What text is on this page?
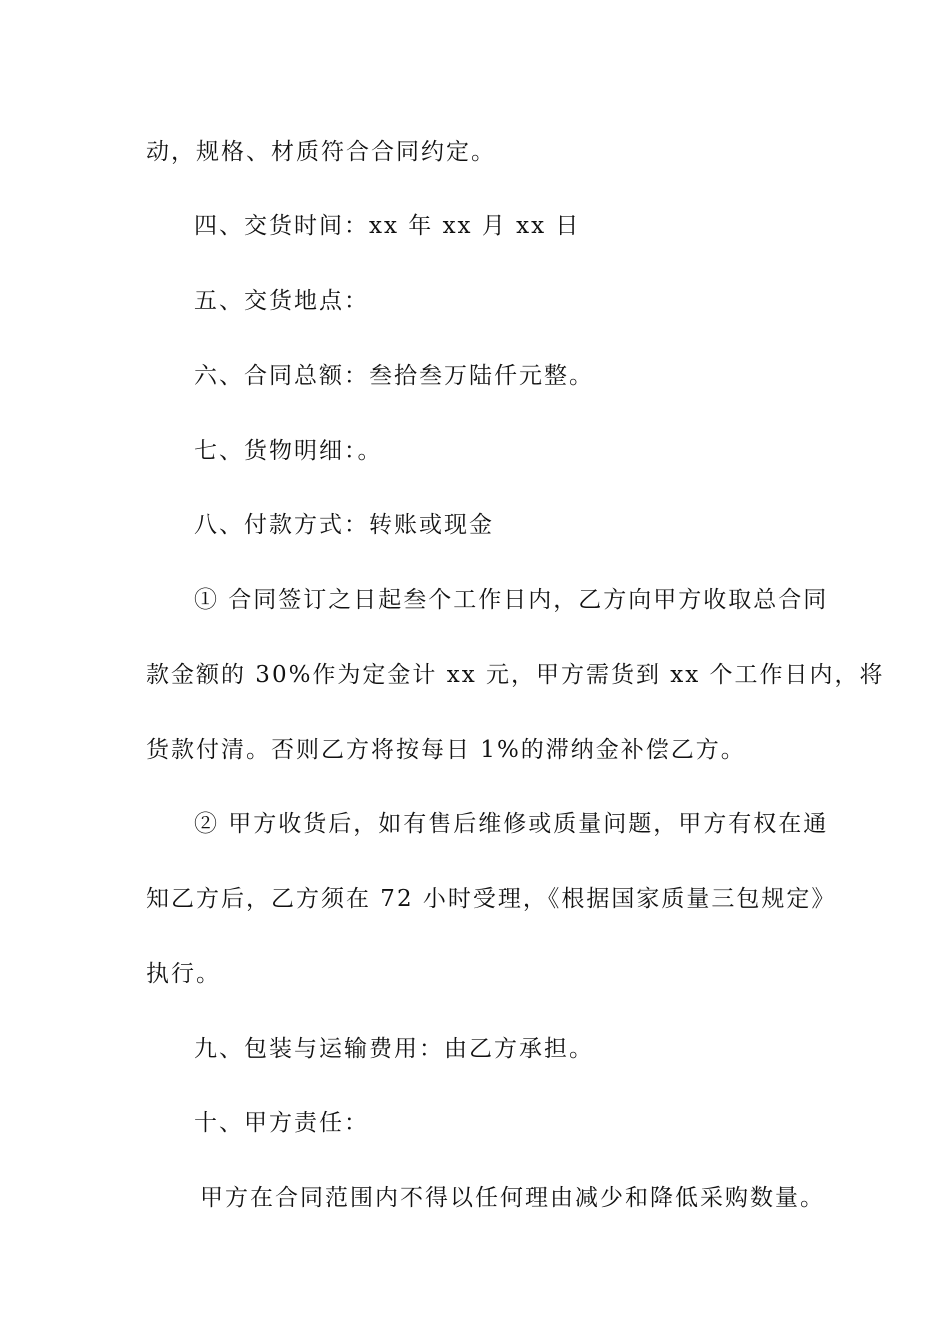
动，规格、材质符合合同约定。
四、交货时间：xx 年 xx 月 xx 日
五、交货地点：
六、合同总额：叁拾叁万陆仟元整。
七、货物明细：。
八、付款方式：转账或现金
① 合同签订之日起叁个工作日内，乙方向甲方收取总合同
款金额的 30%作为定金计 xx 元，甲方需货到 xx 个工作日内，将
货款付清。否则乙方将按每日 1%的滞纳金补偿乙方。
② 甲方收货后，如有售后维修或质量问题，甲方有权在通
知乙方后，乙方须在 72 小时受理，《根据国家质量三包规定》
执行。
九、包装与运输费用：由乙方承担。
十、甲方责任：
甲方在合同范围内不得以任何理由减少和降低采购数量。
